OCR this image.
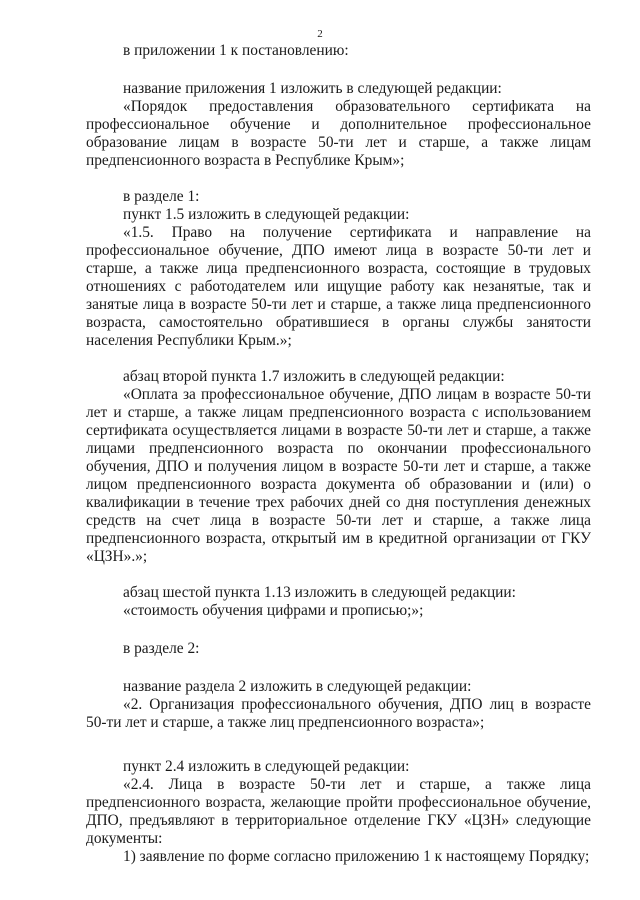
2

в приложении 1 к постановлению:

название приложения 1 изложить в следующей редакции:

«Порядок предоставления образовательного сертификата на профессиональное обучение и дополнительное профессиональное образование лицам в возрасте 50-ти лет и старше, а также лицам предпенсионного возраста в Республике Крым»;

в разделе 1:

пункт 1.5 изложить в следующей редакции:

«1.5. Право на получение сертификата и направление на профессиональное обучение, ДПО имеют лица в возрасте 50-ти лет и старше, а также лица предпенсионного возраста, состоящие в трудовых отношениях с работодателем или ищущие работу как незанятые, так и занятые лица в возрасте 50-ти лет и старше, а также лица предпенсионного возраста, самостоятельно обратившиеся в органы службы занятости населения Республики Крым.»;

абзац второй пункта 1.7 изложить в следующей редакции:

«Оплата за профессиональное обучение, ДПО лицам в возрасте 50-ти лет и старше, а также лицам предпенсионного возраста с использованием сертификата осуществляется лицами в возрасте 50-ти лет и старше, а также лицами предпенсионного возраста по окончании профессионального обучения, ДПО и получения лицом в возрасте 50-ти лет и старше, а также лицом предпенсионного возраста документа об образовании и (или) о квалификации в течение трех рабочих дней со дня поступления денежных средств на счет лица в возрасте 50-ти лет и старше, а также лица предпенсионного возраста, открытый им в кредитной организации от ГКУ «ЦЗН».»;

абзац шестой пункта 1.13 изложить в следующей редакции:

«стоимость обучения цифрами и прописью;»;

в разделе 2:

название раздела 2 изложить в следующей редакции:

«2. Организация профессионального обучения, ДПО лиц в возрасте 50-ти лет и старше, а также лиц предпенсионного возраста»;

пункт 2.4 изложить в следующей редакции:

«2.4. Лица в возрасте 50-ти лет и старше, а также лица предпенсионного возраста, желающие пройти профессиональное обучение, ДПО, предъявляют в территориальное отделение ГКУ «ЦЗН» следующие документы:

1) заявление по форме согласно приложению 1 к настоящему Порядку;
